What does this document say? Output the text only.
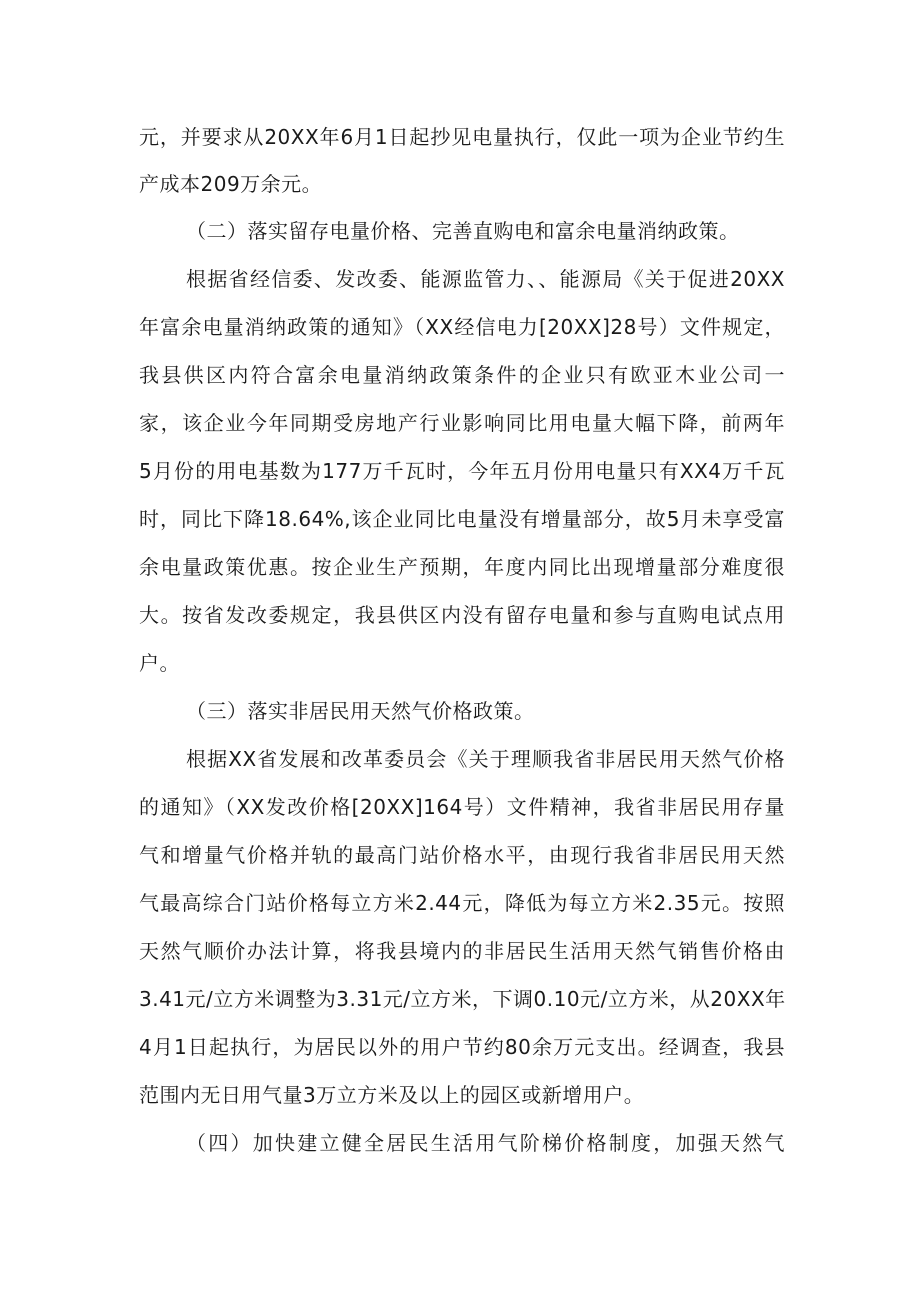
元，并要求从20XX年6月1日起抄见电量执行，仅此一项为企业节约生

产成本209万余元。

（二）落实留存电量价格、完善直购电和富余电量消纳政策。

根据省经信委、发改委、能源监管力、、能源局《关于促进20XX

年富余电量消纳政策的通知》（XX经信电力[20XX]28号）文件规定，

我县供区内符合富余电量消纳政策条件的企业只有欧亚木业公司一

家，该企业今年同期受房地产行业影响同比用电量大幅下降，前两年

5月份的用电基数为177万千瓦时，今年五月份用电量只有XX4万千瓦

时，同比下降18.64%,该企业同比电量没有增量部分，故5月未享受富

余电量政策优惠。按企业生产预期，年度内同比出现增量部分难度很

大。按省发改委规定，我县供区内没有留存电量和参与直购电试点用

户。

（三）落实非居民用天然气价格政策。

根据XX省发展和改革委员会《关于理顺我省非居民用天然气价格

的通知》（XX发改价格[20XX]164号）文件精神，我省非居民用存量

气和增量气价格并轨的最高门站价格水平，由现行我省非居民用天然

气最高综合门站价格每立方米2.44元，降低为每立方米2.35元。按照

天然气顺价办法计算，将我县境内的非居民生活用天然气销售价格由

3.41元/立方米调整为3.31元/立方米，下调0.10元/立方米，从20XX年

4月1日起执行，为居民以外的用户节约80余万元支出。经调查，我县

范围内无日用气量3万立方米及以上的园区或新增用户。

（四）加快建立健全居民生活用气阶梯价格制度，加强天然气
